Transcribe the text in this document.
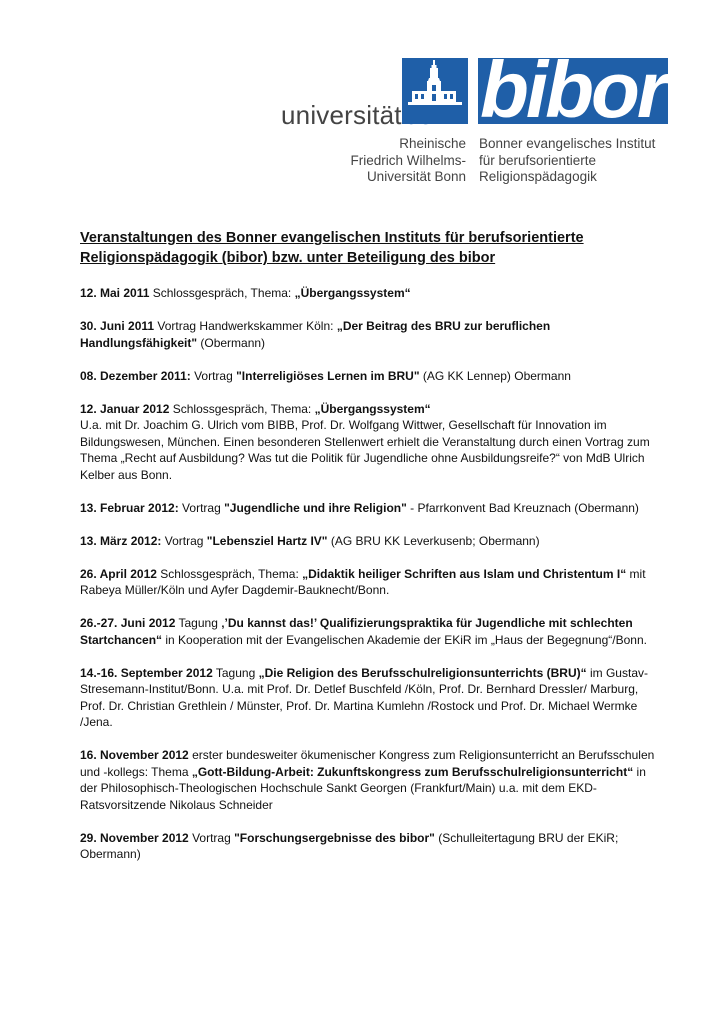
universität bibor
Rheinische
Friedrich Wilhelms-
Universität Bonn
Bonner evangelisches Institut
für berufsorientierte
Religionspädagogik
Veranstaltungen des Bonner evangelischen Instituts für berufsorientierte Religionspädagogik (bibor) bzw. unter Beteiligung des bibor
12. Mai 2011 Schlossgespräch, Thema: „Übergangssystem“
30. Juni 2011 Vortrag Handwerkskammer Köln: „Der Beitrag des BRU zur beruflichen Handlungsfähigkeit" (Obermann)
08. Dezember 2011: Vortrag "Interreligiöses Lernen im BRU" (AG KK Lennep) Obermann
12. Januar 2012 Schlossgespräch, Thema: „Übergangssystem“
U.a. mit Dr. Joachim G. Ulrich vom BIBB, Prof. Dr. Wolfgang Wittwer, Gesellschaft für Innovation im Bildungswesen, München. Einen besonderen Stellenwert erhielt die Veranstaltung durch einen Vortrag zum Thema „Recht auf Ausbildung? Was tut die Politik für Jugendliche ohne Ausbildungsreife?“ von MdB Ulrich Kelber aus Bonn.
13. Februar 2012: Vortrag "Jugendliche und ihre Religion" - Pfarrkonvent Bad Kreuznach (Obermann)
13. März 2012: Vortrag "Lebensziel Hartz IV" (AG BRU KK Leverkusenb; Obermann)
26. April 2012 Schlossgespräch, Thema: „Didaktik heiliger Schriften aus Islam und Christentum I“ mit Rabeya Müller/Köln und Ayfer Dagdemir-Bauknecht/Bonn.
26.-27. Juni 2012 Tagung ‚’Du kannst das!’ Qualifizierungspraktika für Jugendliche mit schlechten Startchancen“ in Kooperation mit der Evangelischen Akademie der EKiR im „Haus der Begegnung“/Bonn.
14.-16. September 2012 Tagung „Die Religion des Berufsschulreligionsunterrichts (BRU)“ im Gustav-Stresemann-Institut/Bonn. U.a. mit Prof. Dr. Detlef Buschfeld /Köln, Prof. Dr. Bernhard Dressler/ Marburg, Prof. Dr. Christian Grethlein / Münster, Prof. Dr. Martina Kumlehn /Rostock und Prof. Dr. Michael Wermke /Jena.
16. November 2012 erster bundesweiter ökumenischer Kongress zum Religionsunterricht an Berufsschulen und -kollegs: Thema „Gott-Bildung-Arbeit: Zukunftskongress zum Berufsschulreligionsunterricht“ in der Philosophisch-Theologischen Hochschule Sankt Georgen (Frankfurt/Main) u.a. mit dem EKD-Ratsvorsitzende Nikolaus Schneider
29. November 2012 Vortrag "Forschungsergebnisse des bibor" (Schulleitertagung BRU der EKiR; Obermann)
